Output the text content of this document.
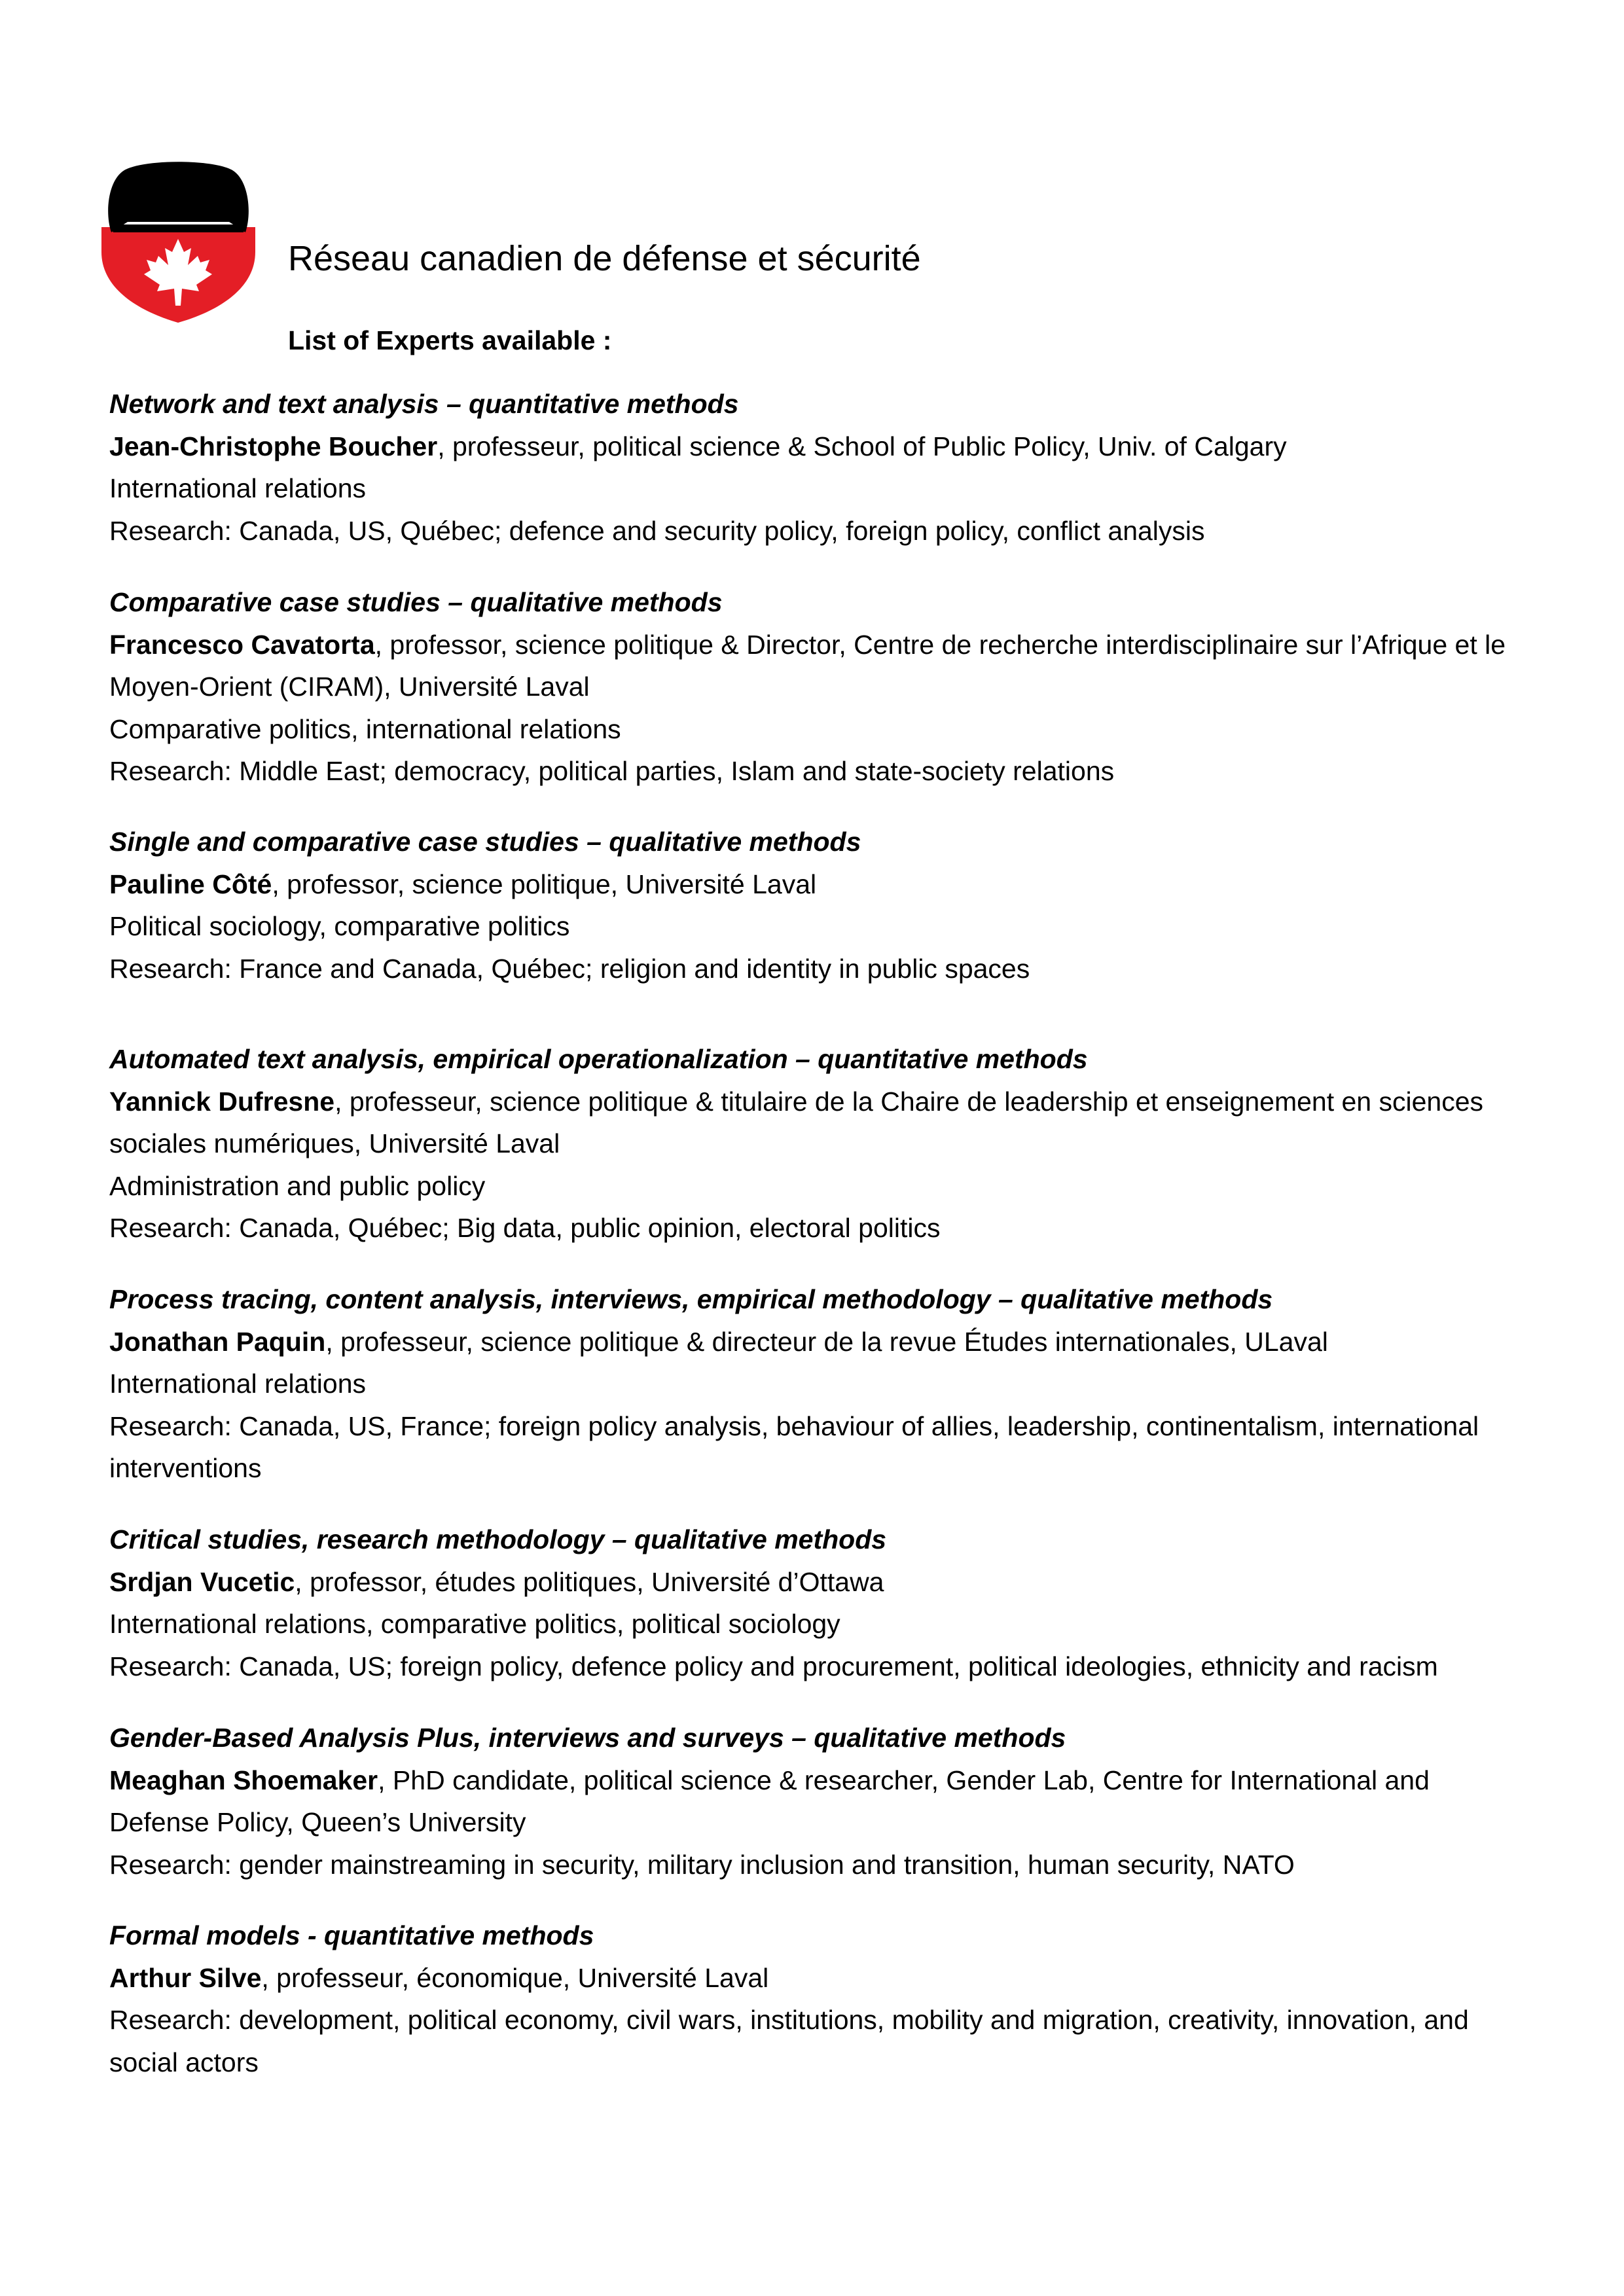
Réseau canadien de défense et sécurité
List of Experts available :
Network and text analysis – quantitative methods
Jean-Christophe Boucher, professeur, political science & School of Public Policy, Univ. of Calgary
International relations
Research: Canada, US, Québec; defence and security policy, foreign policy, conflict analysis
Comparative case studies – qualitative methods
Francesco Cavatorta, professor, science politique & Director, Centre de recherche interdisciplinaire sur l’Afrique et le Moyen-Orient (CIRAM), Université Laval
Comparative politics, international relations
Research: Middle East; democracy, political parties, Islam and state-society relations
Single and comparative case studies – qualitative methods
Pauline Côté, professor, science politique, Université Laval
Political sociology, comparative politics
Research: France and Canada, Québec; religion and identity in public spaces
Automated text analysis, empirical operationalization – quantitative methods
Yannick Dufresne, professeur, science politique & titulaire de la Chaire de leadership et enseignement en sciences sociales numériques, Université Laval
Administration and public policy
Research: Canada, Québec; Big data, public opinion, electoral politics
Process tracing, content analysis, interviews, empirical methodology – qualitative methods
Jonathan Paquin, professeur, science politique & directeur de la revue Études internationales, ULaval
International relations
Research: Canada, US, France; foreign policy analysis, behaviour of allies, leadership, continentalism, international interventions
Critical studies, research methodology – qualitative methods
Srdjan Vucetic, professor, études politiques, Université d’Ottawa
International relations, comparative politics, political sociology
Research: Canada, US; foreign policy, defence policy and procurement, political ideologies, ethnicity and racism
Gender-Based Analysis Plus, interviews and surveys – qualitative methods
Meaghan Shoemaker, PhD candidate, political science & researcher, Gender Lab, Centre for International and Defense Policy, Queen’s University
Research: gender mainstreaming in security, military inclusion and transition, human security, NATO
Formal models - quantitative methods
Arthur Silve, professeur, économique, Université Laval
Research: development, political economy, civil wars, institutions, mobility and migration, creativity, innovation, and social actors
